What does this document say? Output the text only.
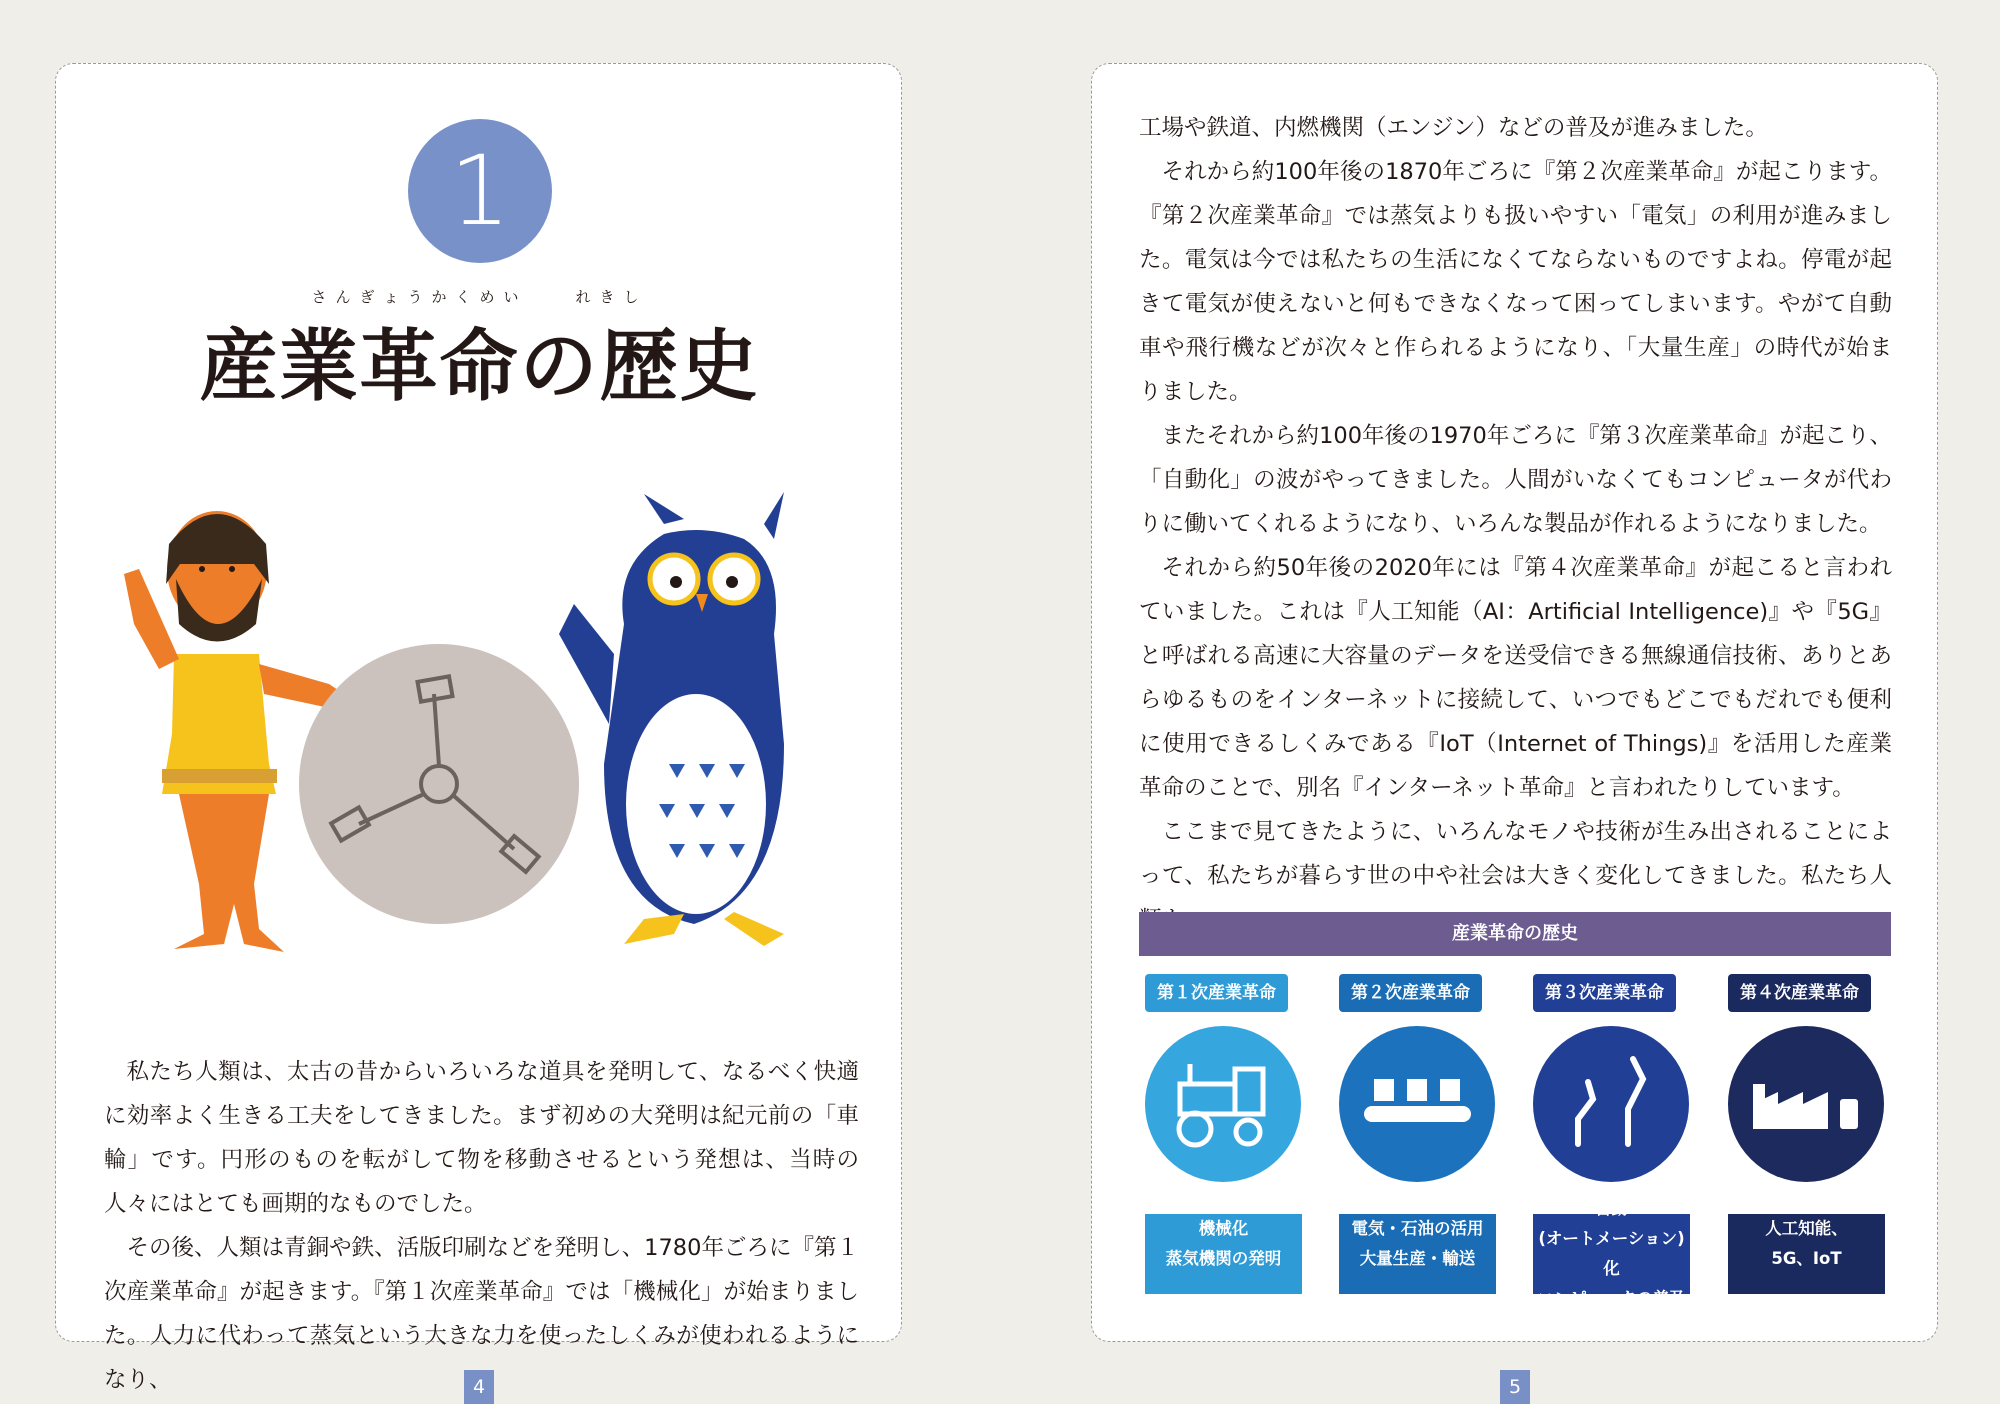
1
さんぎょうかくめい　　れきし
産業革命の歴史

私たち人類は、太古の昔からいろいろな道具を発明して、なるべく快適に効率よく生きる工夫をしてきました。まず初めの大発明は紀元前の「車輪」です。円形のものを転がして物を移動させるという発想は、当時の人々にはとても画期的なものでした。

その後、人類は青銅や鉄、活版印刷などを発明し、1780年ごろに『第１次産業革命』が起きます。『第１次産業革命』では「機械化」が始まりました。人力に代わって蒸気という大きな力を使ったしくみが使われるようになり、	4

工場や鉄道、内燃機関（エンジン）などの普及が進みました。

それから約100年後の1870年ごろに『第２次産業革命』が起こります。『第２次産業革命』では蒸気よりも扱いやすい「電気」の利用が進みました。電気は今では私たちの生活になくてならないものですよね。停電が起きて電気が使えないと何もできなくなって困ってしまいます。やがて自動車や飛行機などが次々と作られるようになり、「大量生産」の時代が始まりました。

またそれから約100年後の1970年ごろに『第３次産業革命』が起こり、「自動化」の波がやってきました。人間がいなくてもコンピュータが代わりに働いてくれるようになり、いろんな製品が作れるようになりました。

それから約50年後の2020年には『第４次産業革命』が起こると言われていました。これは『人工知能（AI：Artificial Intelligence)』や『5G』と呼ばれる高速に大容量のデータを送受信できる無線通信技術、ありとあらゆるものをインターネットに接続して、いつでもどこでもだれでも便利に使用できるしくみである『IoT（Internet of Things)』を活用した産業革命のことで、別名『インターネット革命』と言われたりしています。

ここまで見てきたように、いろんなモノや技術が生み出されることによって、私たちが暮らす世の中や社会は大きく変化してきました。私たち人

産業革命の歴史
第１次産業革命
機械化
蒸気機関の発明
第２次産業革命
電気・石油の活用
大量生産・輸送
第３次産業革命
自動
(オートメーション)化
コンピュータの普及
第４次産業革命
人工知能、
5G、IoT
5
